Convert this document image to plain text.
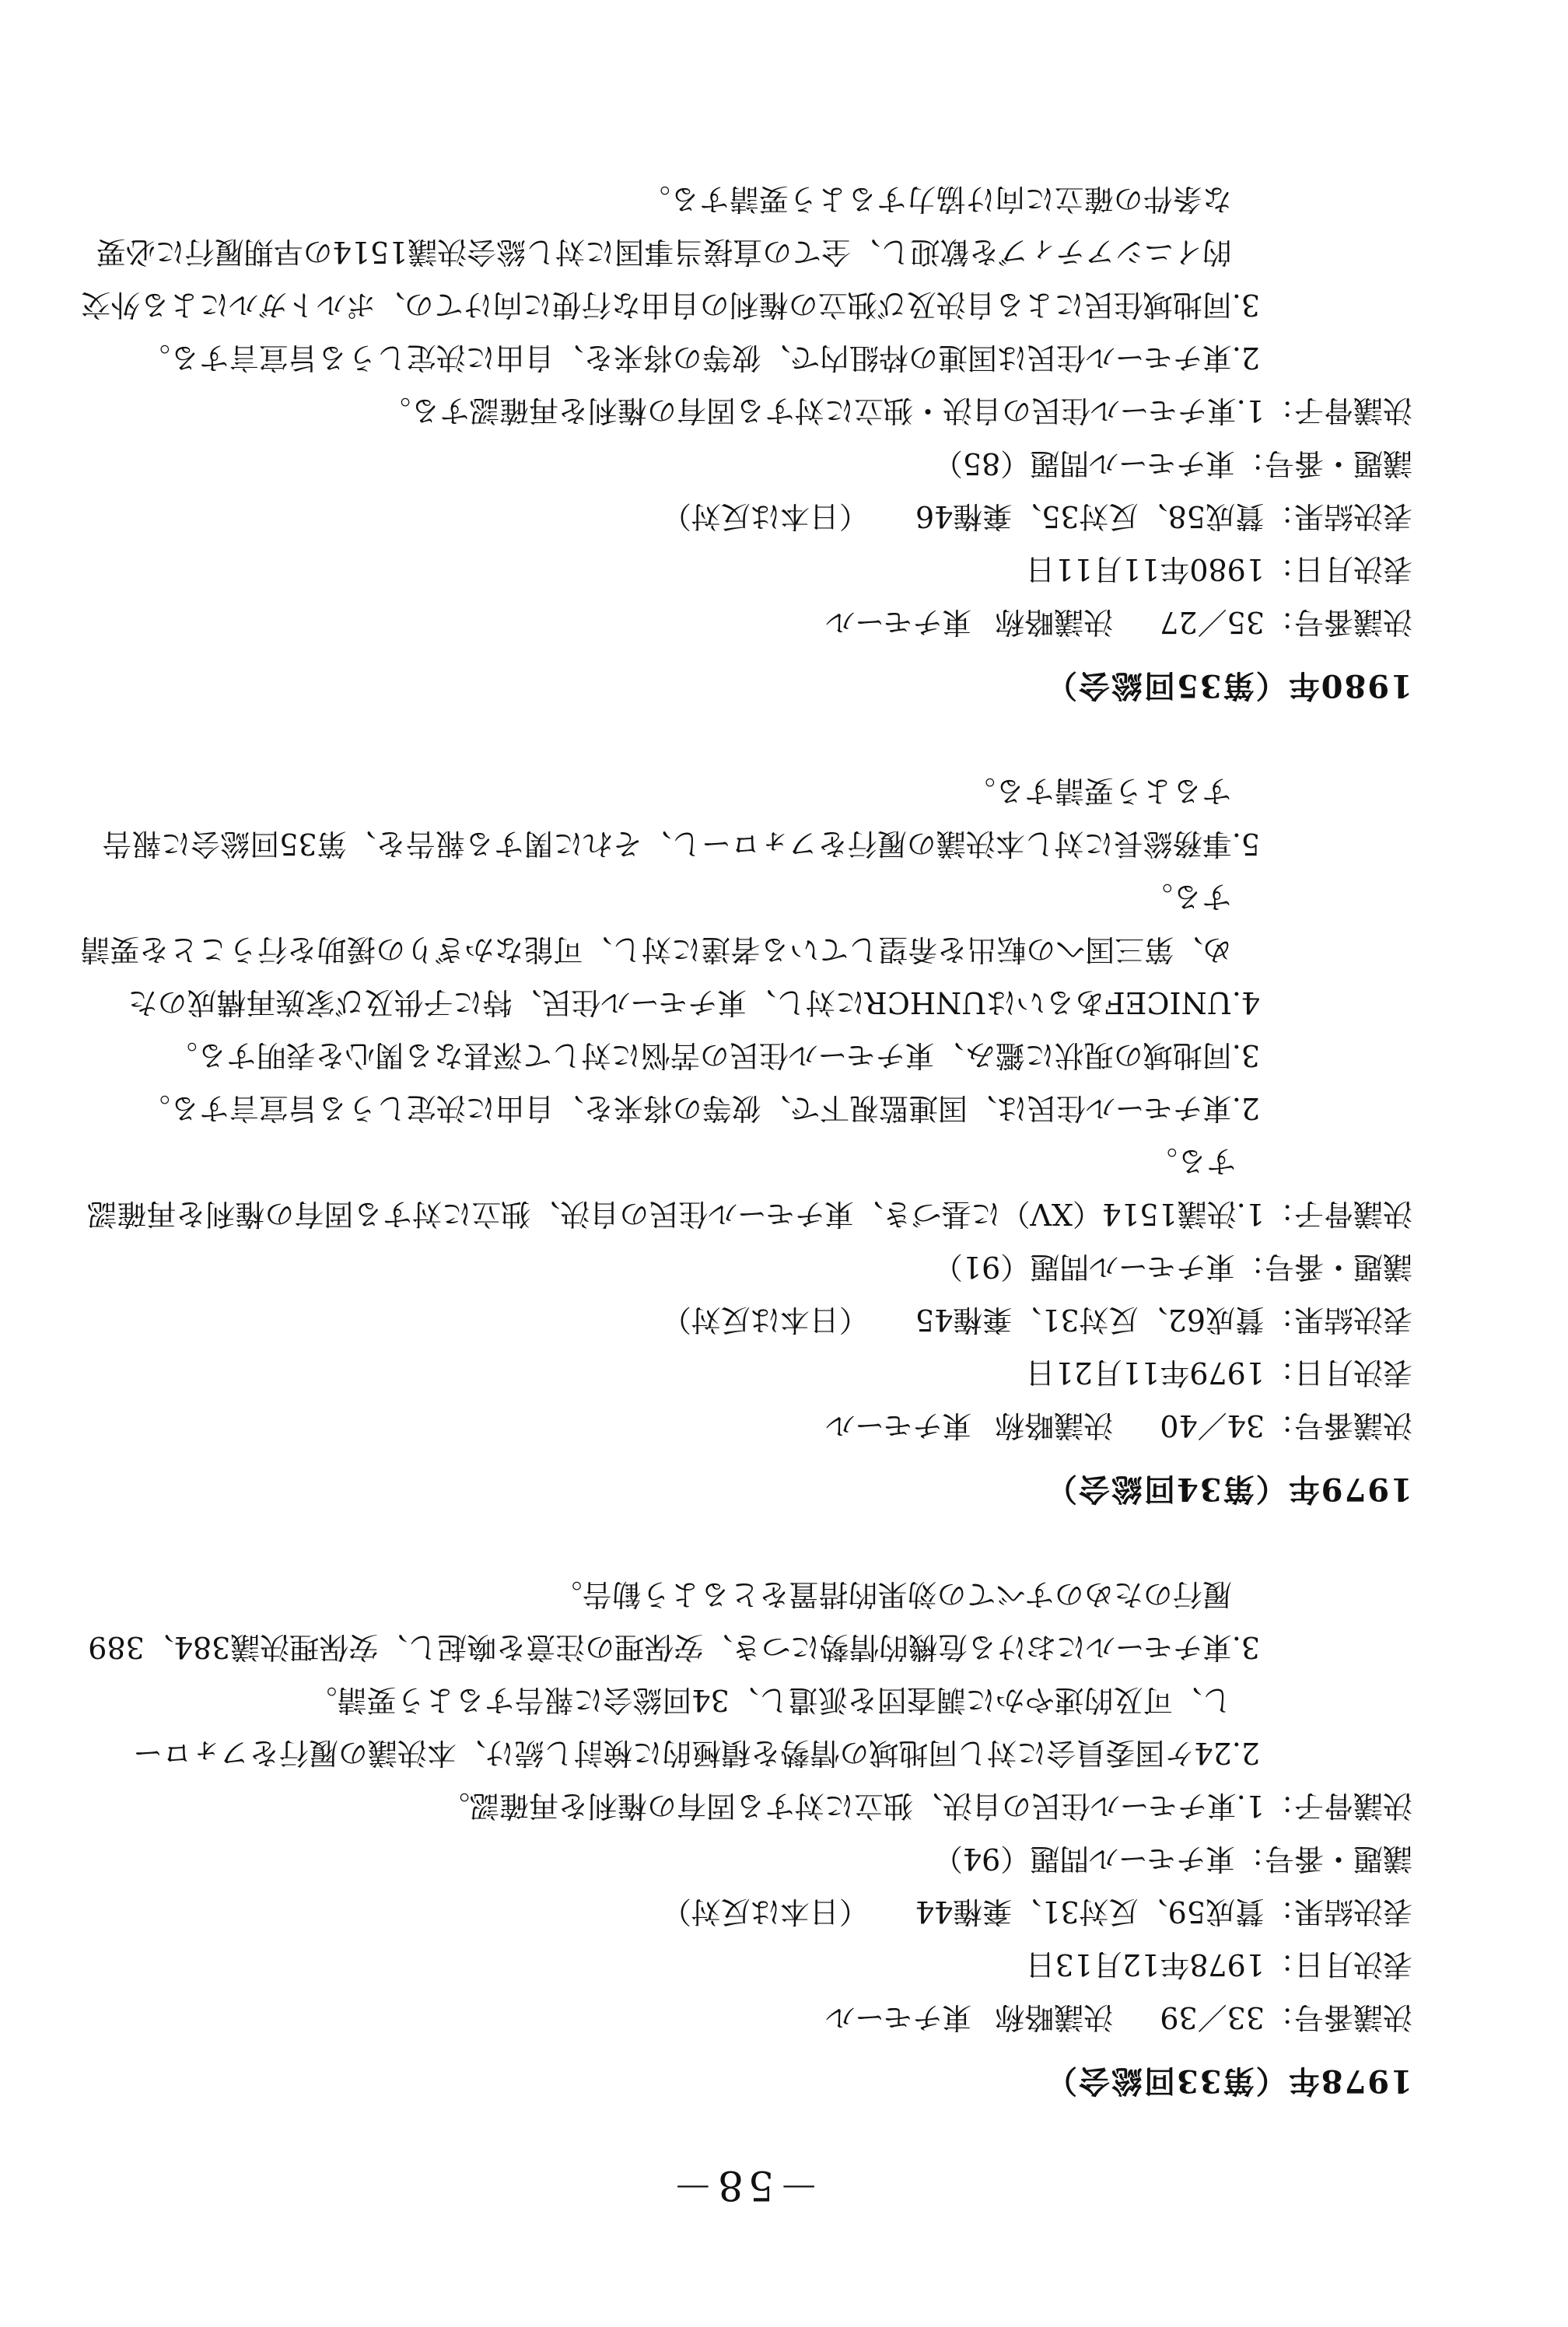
－58－
1978年（第33回総会）
決議番号：33／39決議略称東チモール
表決月日：1978年12月13日
表決結果：賛成59、反対31、棄権44（日本は反対）
議題・番号：東チモール問題（94）
決議骨子：
1.
東チモール住民の自決、独立に対する固有の権利を再確認。
2.
24ケ国委員会に対し同地域の情勢を積極的に検討し続け、本決議の履行をフォローし、可及的速やかに調査団を派遣し、34回総会に報告するよう要請。
3.
東チモールにおける危機的情勢につき、安保理の注意を喚起し、安保理決議384、389履行のためのすべての効果的措置をとるよう勧告。
1979年（第34回総会）
決議番号：34／40決議略称東チモール
表決月日：1979年11月21日
表決結果：賛成62、反対31、棄権45（日本は反対）
議題・番号：東チモール問題（91）
決議骨子：
1.
決議1514（XV）に基づき、東チモール住民の自決、独立に対する固有の権利を再確認する。
2.
東チモール住民は、国連監視下で、彼等の将来を、自由に決定しうる旨宣言する。
3.
同地域の現状に鑑み、東チモール住民の苦悩に対して深甚なる関心を表明する。
4.
UNICEFあるいはUNHCRに対し、東チモール住民、特に子供及び家族再構成のため、第三国への転出を希望している者達に対し、可能なかぎりの援助を行うことを要請する。
5.
事務総長に対し本決議の履行をフォローし、それに関する報告を、第35回総会に報告するよう要請する。
1980年（第35回総会）
決議番号：35／27決議略称東チモール
表決月日：1980年11月11日
表決結果：賛成58、反対35、棄権46（日本は反対）
議題・番号：東チモール問題（85）
決議骨子：
1.
東チモール住民の自決・独立に対する固有の権利を再確認する。
2.
東チモール住民は国連の枠組内で、彼等の将来を、自由に決定しうる旨宣言する。
3.
同地域住民による自決及び独立の権利の自由な行使に向けての、ポルトガルによる外交的イニシアティブを歓迎し、全ての直接当事国に対し総会決議1514の早期履行に必要な条件の確立に向け協力するよう要請する。
